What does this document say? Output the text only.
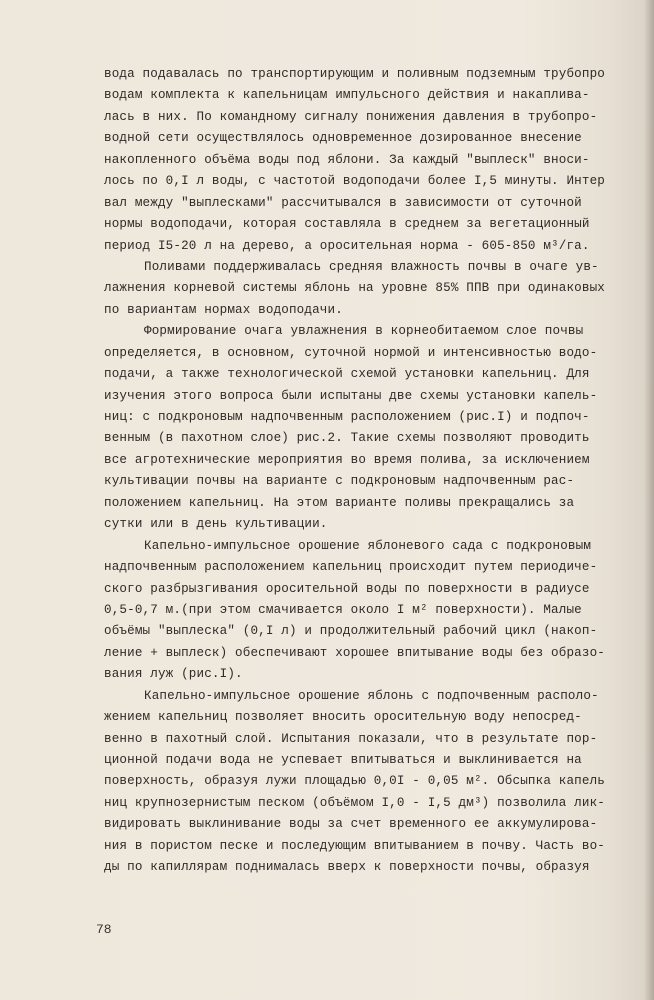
вода подавалась по транспортирующим и поливным подземным трубопро
водам комплекта к капельницам импульсного действия и накаплива-
лась в них. По командному сигналу понижения давления в трубопро-
водной сети осуществлялось одновременное дозированное внесение
накопленного объёма воды под яблони. За каждый "выплеск" вноси-
лось по 0,I л воды, с частотой водоподачи более I,5 минуты. Интер
вал между "выплесками" рассчитывался в зависимости от суточной
нормы водоподачи, которая составляла в среднем за вегетационный
период I5-20 л на дерево, а оросительная норма - 605-850 м³/га.
Поливами поддерживалась средняя влажность почвы в очаге ув-
лажнения корневой системы яблонь на уровне 85% ППВ при одинаковых
по вариантам нормах водоподачи.
Формирование очага увлажнения в корнеобитаемом слое почвы
определяется, в основном, суточной нормой и интенсивностью водо-
подачи, а также технологической схемой установки капельниц. Для
изучения этого вопроса были испытаны две схемы установки капель-
ниц: с подкроновым надпочвенным расположением (рис.I) и подпоч-
венным (в пахотном слое) рис.2. Такие схемы позволяют проводить
все агротехнические мероприятия во время полива, за исключением
культивации почвы на варианте с подкроновым надпочвенным рас-
положением капельниц. На этом варианте поливы прекращались за
сутки или в день культивации.
Капельно-импульсное орошение яблоневого сада с подкроновым
надпочвенным расположением капельниц происходит путем периодиче-
ского разбрызгивания оросительной воды по поверхности в радиусе
0,5-0,7 м.(при этом смачивается около I м² поверхности). Малые
объёмы "выплеска" (0,I л) и продолжительный рабочий цикл (накоп-
ление + выплеск) обеспечивают хорошее впитывание воды без образо-
вания луж (рис.I).
Капельно-импульсное орошение яблонь с подпочвенным располо-
жением капельниц позволяет вносить оросительную воду непосред-
венно в пахотный слой. Испытания показали, что в результате пор-
ционной подачи вода не успевает впитываться и выклинивается на
поверхность, образуя лужи площадью 0,0I - 0,05 м². Обсыпка капель
ниц крупнозернистым песком (объёмом I,0 - I,5 дм³) позволила лик-
видировать выклинивание воды за счет временного ее аккумулирова-
ния в пористом песке и последующим впитыванием в почву. Часть во-
ды по капиллярам поднималась вверх к поверхности почвы, образуя
78
